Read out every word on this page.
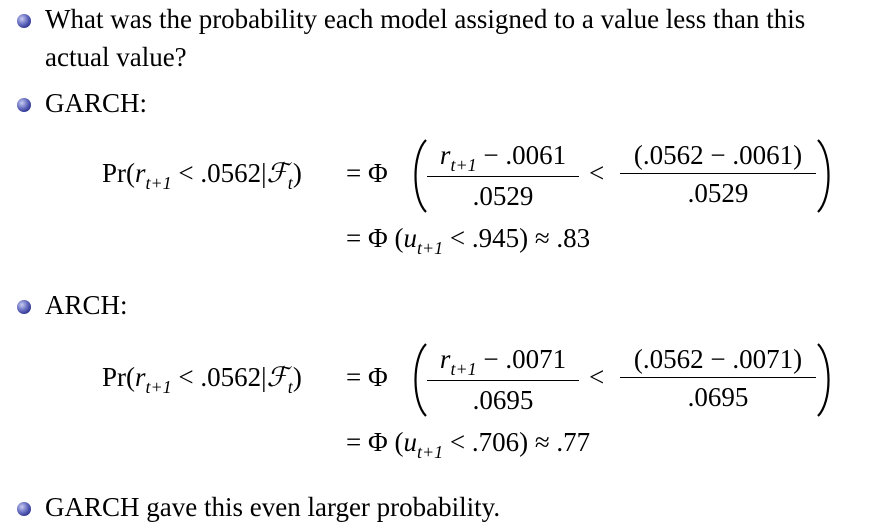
What was the probability each model assigned to a value less than this
actual value?
GARCH:
$Pr(r_{t+1}$ < .0562|ℱ$_t$) = Φ
$r_{t+1} - .0061$
.0529
<
(.0562 − .0061)
.0529
= Φ $(u_{t+1} < .945) \approx .83$
ARCH:
$Pr(r_{t+1}$ < .0562|ℱ$_t$) = Φ
$r_{t+1} - .0071$
.0695
<
(.0562 − .0071)
.0695
= Φ $(u_{t+1} < .706) \approx .77$
GARCH gave this even larger probability.
